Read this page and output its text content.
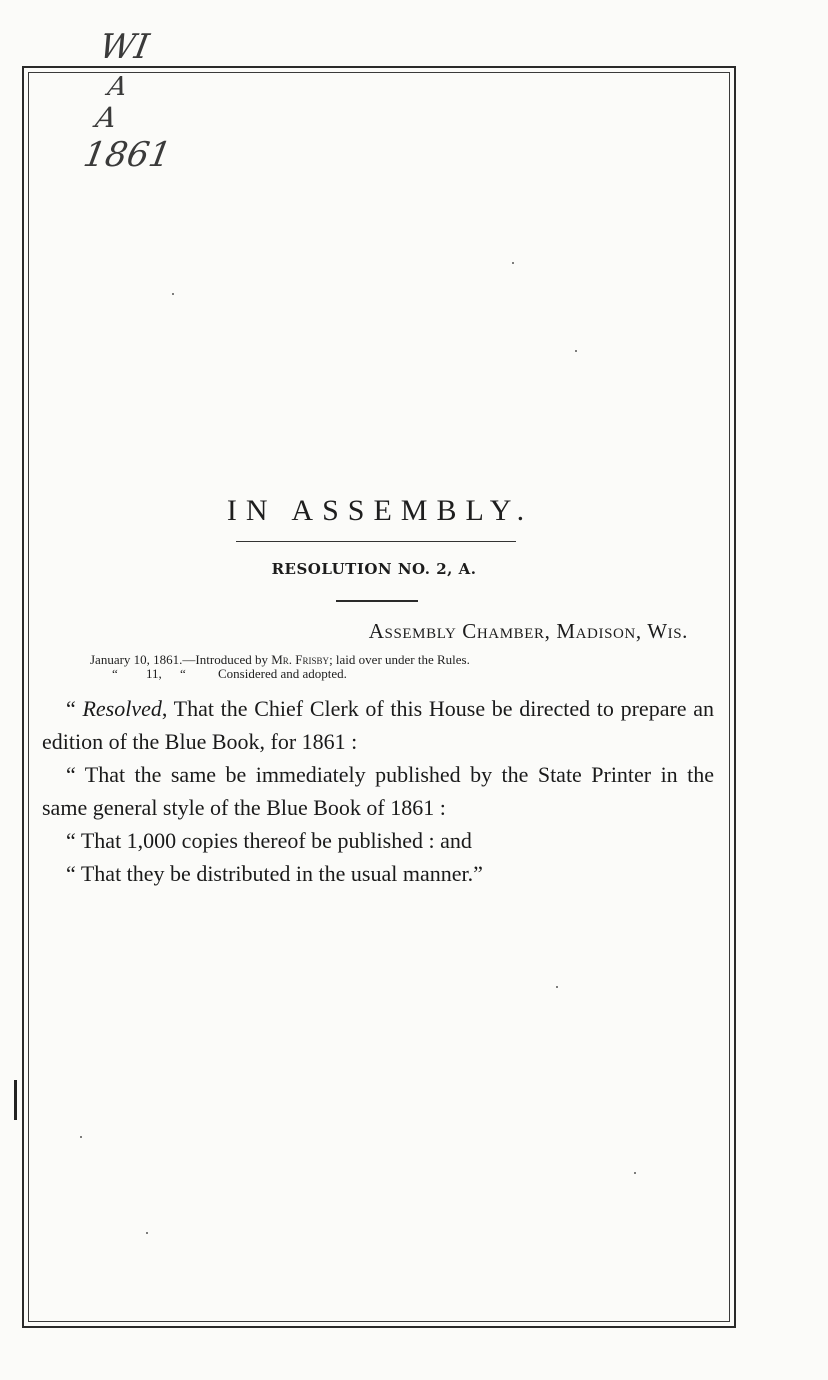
WI
A
A
1861
IN ASSEMBLY.
RESOLUTION NO. 2, A.
Assembly Chamber, Madison, Wis.
January 10, 1861.—Introduced by Mr. Frisby; laid over under the Rules.
“ 11, “ Considered and adopted.

“ Resolved, That the Chief Clerk of this House be directed to prepare an edition of the Blue Book, for 1861 :

“ That the same be immediately published by the State Printer in the same general style of the Blue Book of 1861 :

“ That 1,000 copies thereof be published : and

“ That they be distributed in the usual manner.”
